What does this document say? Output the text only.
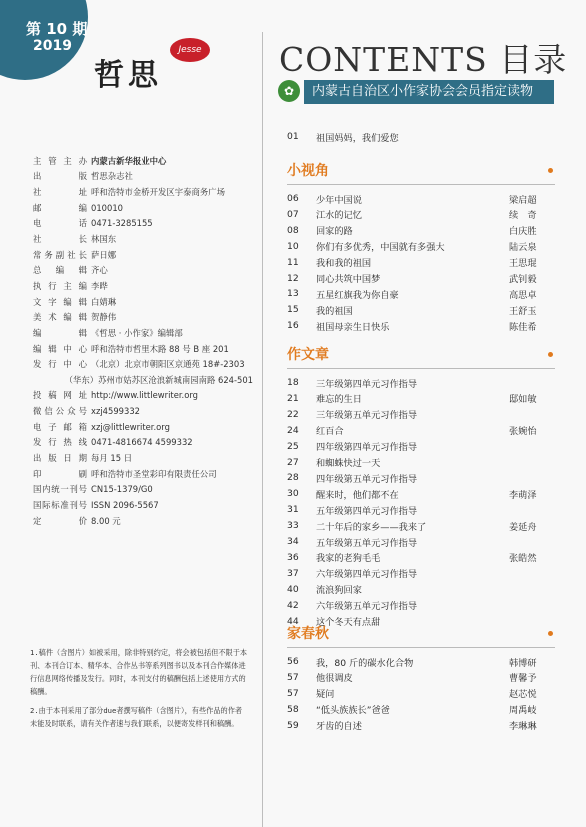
第 10 期
2019
哲思
Jesse
主管主办 内蒙古新华报业中心
出版 哲思杂志社
社址 呼和浩特市金桥开发区宇泰商务广场
邮编 010010
电话 0471-3285155
社长 林国东
常务副社长 萨日娜
总编辑 齐心
执行主编 李晔
文字编辑 白婧琳
美术编辑 贺静伟
编辑 《哲思 · 小作家》编辑部
编辑中心 呼和浩特市哲里木路 88 号 B 座 201
发行中心 （北京）北京市朝阳区京通苑 18#-2303
（华东）苏州市姑苏区沧浪新城南园南路 624-501
投稿网址 http://www.littlewriter.org
微信公众号 xzj4599332
电子邮箱 xzj@littlewriter.org
发行热线 0471-4816674 4599332
出版日期 每月 15 日
印刷 呼和浩特市圣堂彩印有限责任公司
国内统一刊号 CN15-1379/G0
国际标准刊号 ISSN 2096-5567
定价 8.00 元

1.稿件（含图片）如被采用，除非特别约定，将会被包括但不限于本刊、本刊合订本、精华本、合作丛书等系列图书以及本刊合作媒体进行信息网络传播及发行。同时，本刊支付的稿酬包括上述使用方式的稿酬。

2.由于本刊采用了部分due者撰写稿件（含图片），有些作品的作者未能及时联系，请有关作者速与我们联系，以便寄发样刊和稿酬。

CONTENTS 目录
✿	内蒙古自治区小作家协会会员指定读物
01	祖国妈妈，我们爱您
小视角
06	少年中国说	梁启超
07	江水的记忆	续　奇
08	回家的路	白庆胜
10	你们有多优秀，中国就有多强大	陆云泉
11	我和我的祖国	王思琨
12	同心共筑中国梦	武钊毅
13	五星红旗我为你自豪	高思卓
15	我的祖国	王舒玉
16	祖国母亲生日快乐	陈佳希
作文章
18	三年级第四单元习作指导
21	难忘的生日	邸如敏
22	三年级第五单元习作指导
24	红百合	张婉怡
25	四年级第四单元习作指导
27	和蜘蛛快过一天
28	四年级第五单元习作指导
30	醒来时，他们都不在	李萌泽
31	五年级第四单元习作指导
33	二十年后的家乡——我来了	姜延舟
34	五年级第五单元习作指导
36	我家的老狗毛毛	张皓然
37	六年级第四单元习作指导
40	流浪狗回家
42	六年级第五单元习作指导
44	这个冬天有点甜
家春秋
56	我，80 斤的碳水化合物	韩博研
57	他很调皮	曹馨予
57	疑问	赵芯悦
58	“低头族族长”爸爸	周禹岐
59	牙齿的自述	李琳琳
